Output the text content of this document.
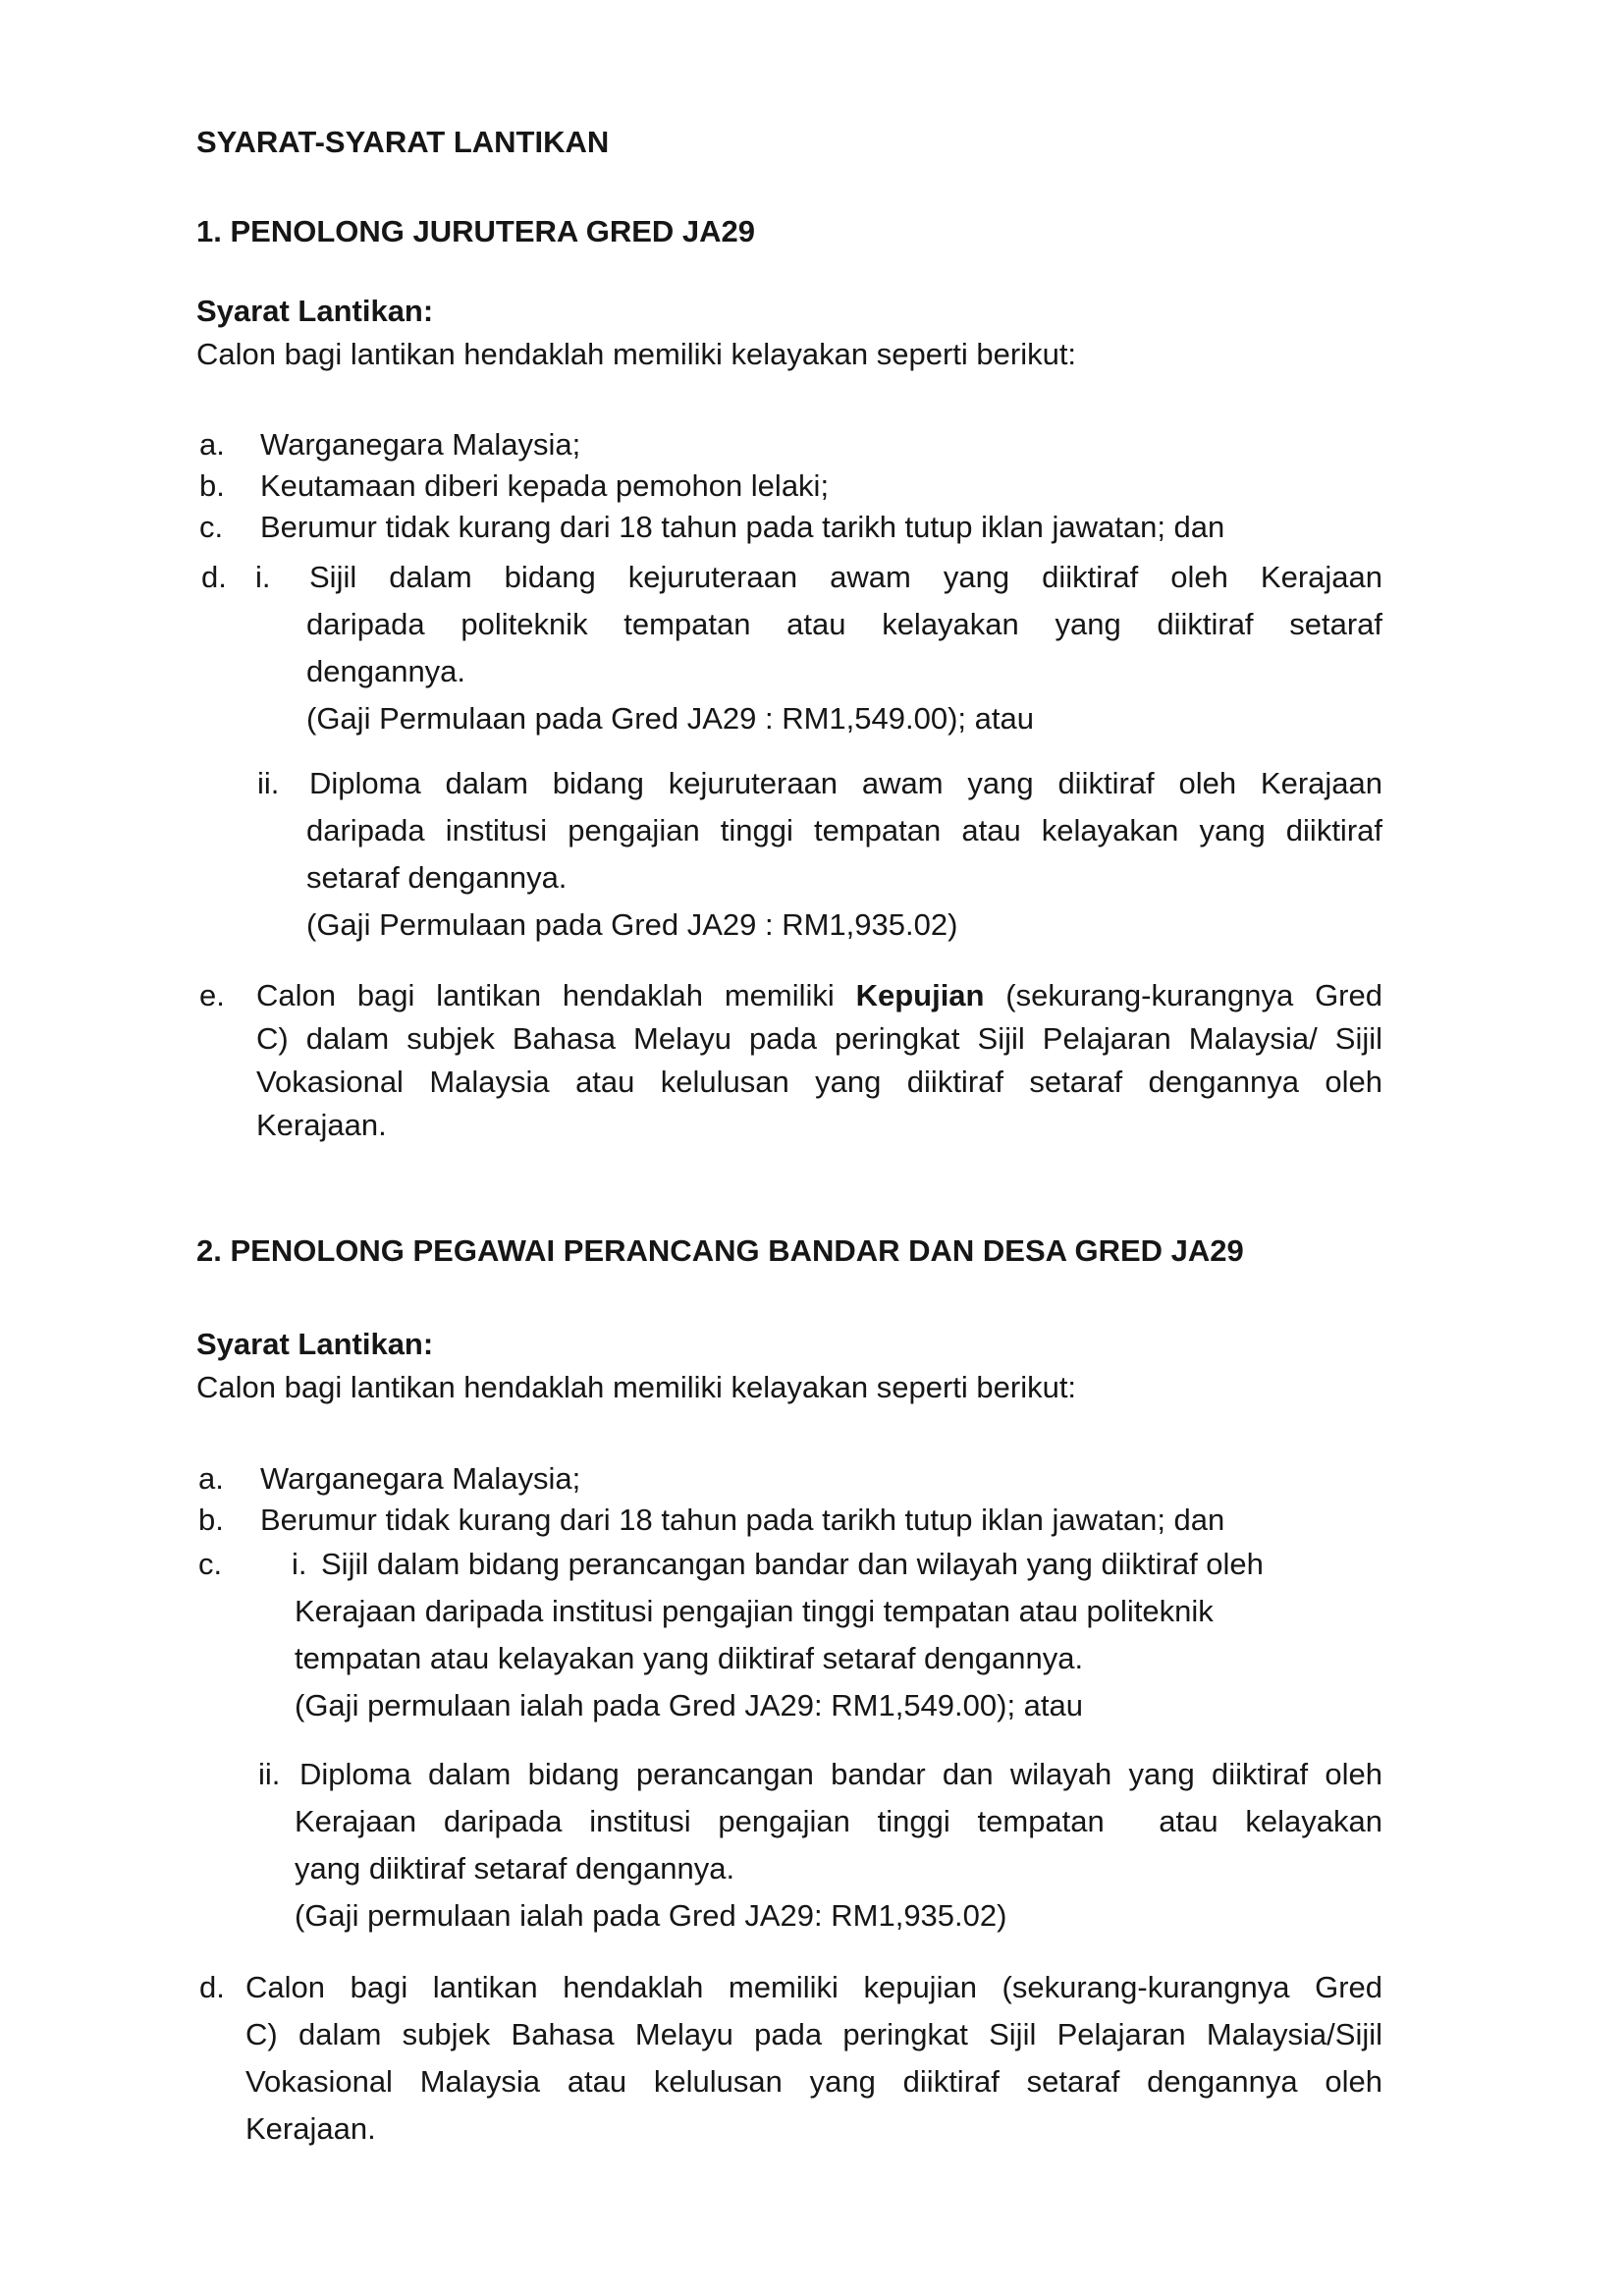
SYARAT-SYARAT LANTIKAN
1. PENOLONG JURUTERA GRED JA29
Syarat Lantikan:
Calon bagi lantikan hendaklah memiliki kelayakan seperti berikut:
a. Warganegara Malaysia;
b. Keutamaan diberi kepada pemohon lelaki;
c. Berumur tidak kurang dari 18 tahun pada tarikh tutup iklan jawatan; dan
d. i. Sijil dalam bidang kejuruteraan awam yang diiktiraf oleh Kerajaan
daripada politeknik tempatan atau kelayakan yang diiktiraf setaraf
dengannya.
(Gaji Permulaan pada Gred JA29 : RM1,549.00); atau
ii. Diploma dalam bidang kejuruteraan awam yang diiktiraf oleh Kerajaan
daripada institusi pengajian tinggi tempatan atau kelayakan yang diiktiraf
setaraf dengannya.
(Gaji Permulaan pada Gred JA29 : RM1,935.02)
e. Calon bagi lantikan hendaklah memiliki Kepujian (sekurang-kurangnya Gred
C) dalam subjek Bahasa Melayu pada peringkat Sijil Pelajaran Malaysia/ Sijil
Vokasional Malaysia atau kelulusan yang diiktiraf setaraf dengannya oleh
Kerajaan.
2. PENOLONG PEGAWAI PERANCANG BANDAR DAN DESA GRED JA29
Syarat Lantikan:
Calon bagi lantikan hendaklah memiliki kelayakan seperti berikut:
a. Warganegara Malaysia;
b. Berumur tidak kurang dari 18 tahun pada tarikh tutup iklan jawatan; dan
c. i. Sijil dalam bidang perancangan bandar dan wilayah yang diiktiraf oleh
Kerajaan daripada institusi pengajian tinggi tempatan atau politeknik
tempatan atau kelayakan yang diiktiraf setaraf dengannya.
(Gaji permulaan ialah pada Gred JA29: RM1,549.00); atau
ii. Diploma dalam bidang perancangan bandar dan wilayah yang diiktiraf oleh
Kerajaan daripada institusi pengajian tinggi tempatan  atau kelayakan
yang diiktiraf setaraf dengannya.
(Gaji permulaan ialah pada Gred JA29: RM1,935.02)
d. Calon bagi lantikan hendaklah memiliki kepujian (sekurang-kurangnya Gred
C) dalam subjek Bahasa Melayu pada peringkat Sijil Pelajaran Malaysia/Sijil
Vokasional Malaysia atau kelulusan yang diiktiraf setaraf dengannya oleh
Kerajaan.
